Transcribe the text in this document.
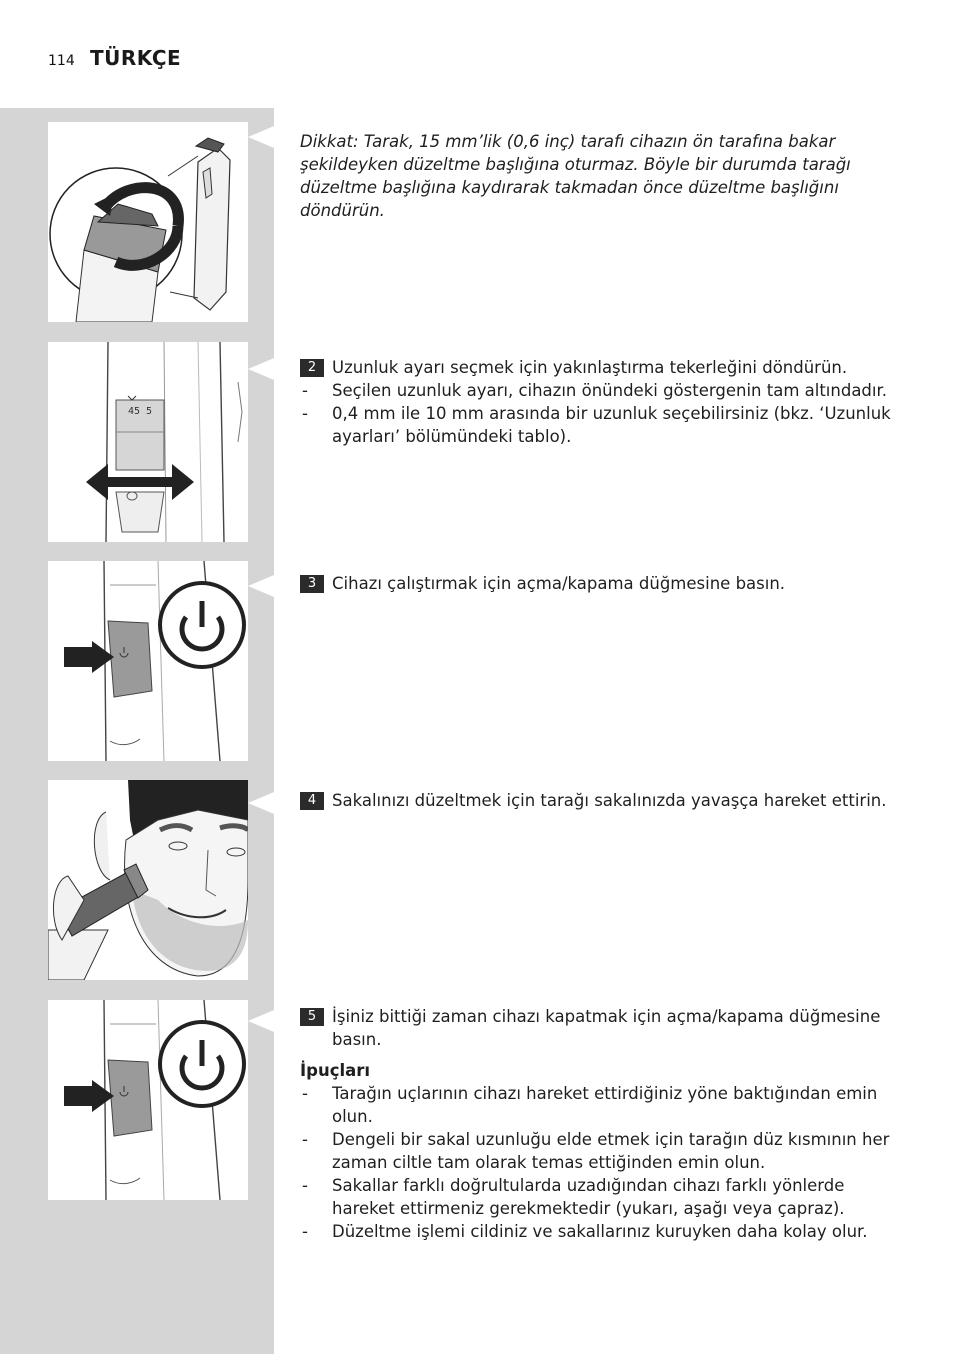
114 TÜRKÇE
Dikkat: Tarak, 15 mm’lik (0,6 inç) tarafı cihazın ön tarafına bakar şekildeyken düzeltme başlığına oturmaz. Böyle bir durumda tarağı düzeltme başlığına kaydırarak takmadan önce düzeltme başlığını döndürün.
45 5
2 Uzunluk ayarı seçmek için yakınlaştırma tekerleğini döndürün.
- Seçilen uzunluk ayarı, cihazın önündeki göstergenin tam altındadır.
- 0,4 mm ile 10 mm arasında bir uzunluk seçebilirsiniz (bkz. ‘Uzunluk ayarları’ bölümündeki tablo).
3 Cihazı çalıştırmak için açma/kapama düğmesine basın.
4 Sakalınızı düzeltmek için tarağı sakalınızda yavaşça hareket ettirin.
5 İşiniz bittiği zaman cihazı kapatmak için açma/kapama düğmesine basın.
İpuçları
- Tarağın uçlarının cihazı hareket ettirdiğiniz yöne baktığından emin olun.
- Dengeli bir sakal uzunluğu elde etmek için tarağın düz kısmının her zaman ciltle tam olarak temas ettiğinden emin olun.
- Sakallar farklı doğrultularda uzadığından cihazı farklı yönlerde hareket ettirmeniz gerekmektedir (yukarı, aşağı veya çapraz).
- Düzeltme işlemi cildiniz ve sakallarınız kuruyken daha kolay olur.
